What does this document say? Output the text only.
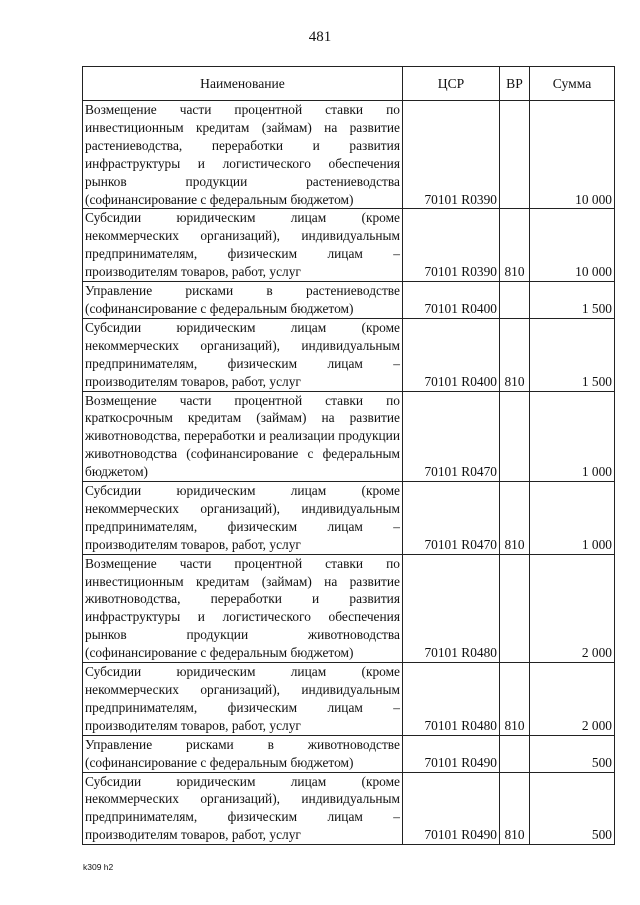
481
Наименование	ЦСР	ВР	Сумма
Возмещение части процентной ставки по инвестиционным кредитам (займам) на развитие растениеводства, переработки и развития инфраструктуры и логистического обеспечения рынков продукции растениеводства (софинансирование с федеральным бюджетом)	70101 R0390		10 000
Субсидии юридическим лицам (кроме некоммерческих организаций), индивидуальным предпринимателям, физическим лицам – производителям товаров, работ, услуг	70101 R0390	810	10 000
Управление рисками в растениеводстве (софинансирование с федеральным бюджетом)	70101 R0400		1 500
Субсидии юридическим лицам (кроме некоммерческих организаций), индивидуальным предпринимателям, физическим лицам – производителям товаров, работ, услуг	70101 R0400	810	1 500
Возмещение части процентной ставки по краткосрочным кредитам (займам) на развитие животноводства, переработки и реализации продукции животноводства (софинансирование с федеральным бюджетом)	70101 R0470		1 000
Субсидии юридическим лицам (кроме некоммерческих организаций), индивидуальным предпринимателям, физическим лицам – производителям товаров, работ, услуг	70101 R0470	810	1 000
Возмещение части процентной ставки по инвестиционным кредитам (займам) на развитие животноводства, переработки и развития инфраструктуры и логистического обеспечения рынков продукции животноводства (софинансирование с федеральным бюджетом)	70101 R0480		2 000
Субсидии юридическим лицам (кроме некоммерческих организаций), индивидуальным предпринимателям, физическим лицам – производителям товаров, работ, услуг	70101 R0480	810	2 000
Управление рисками в животноводстве (софинансирование с федеральным бюджетом)	70101 R0490		500
Субсидии юридическим лицам (кроме некоммерческих организаций), индивидуальным предпринимателям, физическим лицам – производителям товаров, работ, услуг	70101 R0490	810	500
k309 h2
